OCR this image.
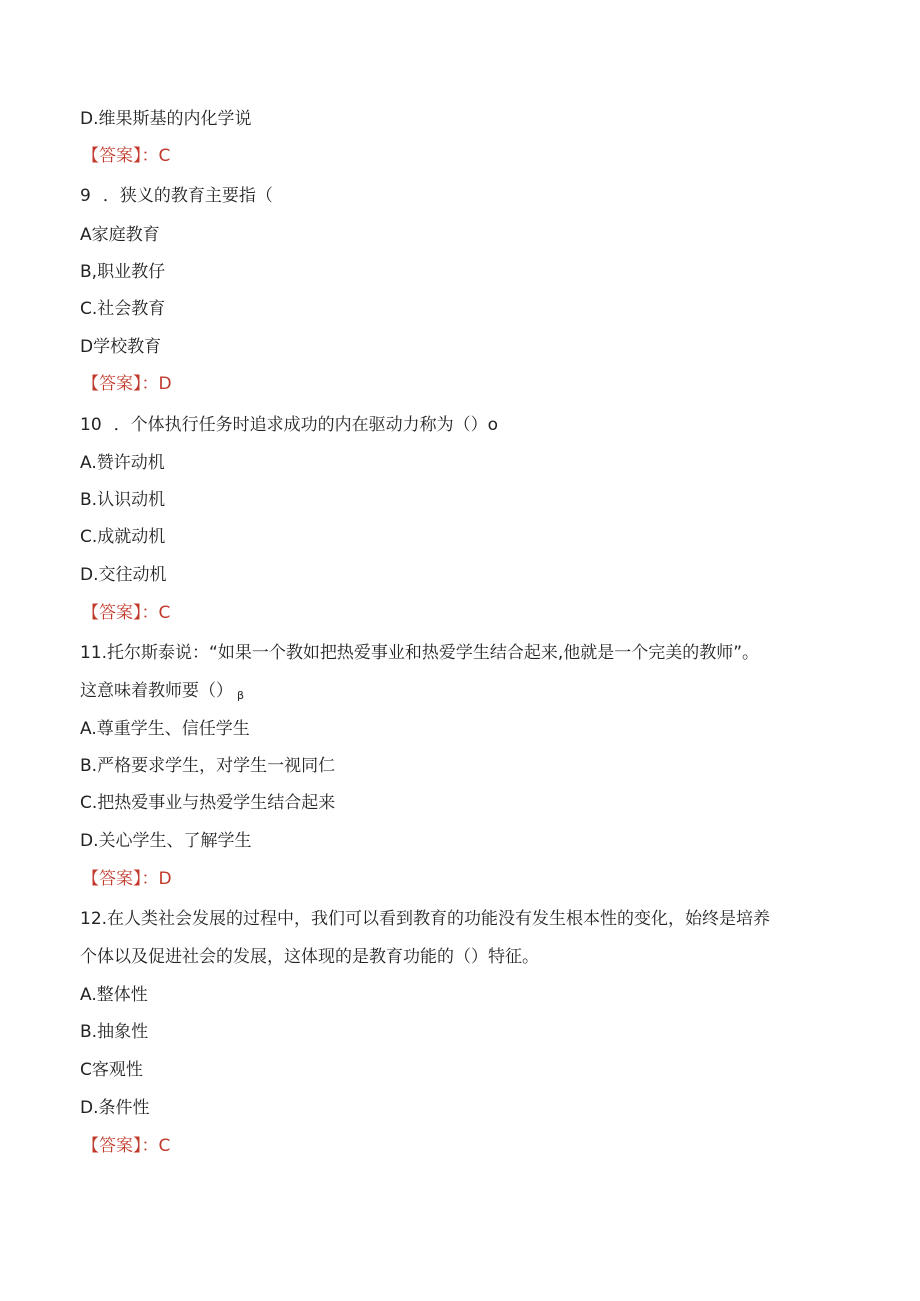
D.维果斯基的内化学说
【答案】：C
9 ．狭义的教育主要指（
A家庭教育
B,职业教仔
C.社会教育
D学校教育
【答案】：D
10 ．个体执行任务时追求成功的内在驱动力称为（）o
A.赞许动机
B.认识动机
C.成就动机
D.交往动机
【答案】：C
11.托尔斯泰说：“如果一个教如把热爱事业和热爱学生结合起来,他就是一个完美的教师”。
这意味着教师要（） $_\beta$
A.尊重学生、信任学生
B.严格要求学生，对学生一视同仁
C.把热爱事业与热爱学生结合起来
D.关心学生、了解学生
【答案】：D
12.在人类社会发展的过程中，我们可以看到教育的功能没有发生根本性的变化，始终是培养
个体以及促进社会的发展，这体现的是教育功能的（）特征。
A.整体性
B.抽象性
C客观性
D.条件性
【答案】：C
